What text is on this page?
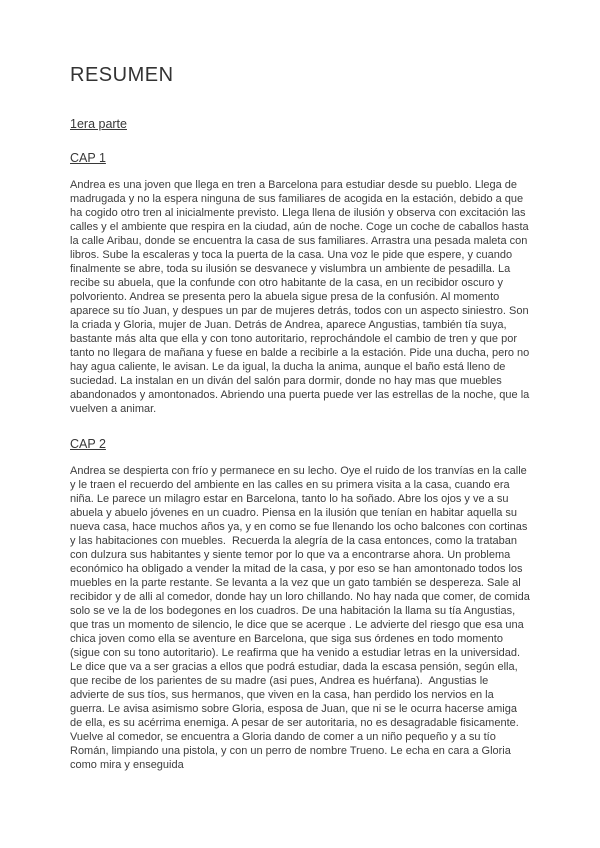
RESUMEN
1era parte
CAP 1

Andrea es una joven que llega en tren a Barcelona para estudiar desde su pueblo. Llega de madrugada y no la espera ninguna de sus familiares de acogida en la estación, debido a que ha cogido otro tren al inicialmente previsto. Llega llena de ilusión y observa con excitación las calles y el ambiente que respira en la ciudad, aún de noche. Coge un coche de caballos hasta la calle Aribau, donde se encuentra la casa de sus familiares. Arrastra una pesada maleta con libros. Sube la escaleras y toca la puerta de la casa. Una voz le pide que espere, y cuando finalmente se abre, toda su ilusión se desvanece y vislumbra un ambiente de pesadilla. La recibe su abuela, que la confunde con otro habitante de la casa, en un recibidor oscuro y polvoriento. Andrea se presenta pero la abuela sigue presa de la confusión. Al momento aparece su tío Juan, y despues un par de mujeres detrás, todos con un aspecto siniestro. Son la criada y Gloria, mujer de Juan. Detrás de Andrea, aparece Angustias, también tía suya, bastante más alta que ella y con tono autoritario, reprochándole el cambio de tren y que por tanto no llegara de mañana y fuese en balde a recibirle a la estación. Pide una ducha, pero no hay agua caliente, le avisan. Le da igual, la ducha la anima, aunque el baño está lleno de suciedad. La instalan en un diván del salón para dormir, donde no hay mas que muebles abandonados y amontonados. Abriendo una puerta puede ver las estrellas de la noche, que la vuelven a animar.

CAP 2

Andrea se despierta con frío y permanece en su lecho. Oye el ruido de los tranvías en la calle y le traen el recuerdo del ambiente en las calles en su primera visita a la casa, cuando era niña. Le parece un milagro estar en Barcelona, tanto lo ha soñado. Abre los ojos y ve a su abuela y abuelo jóvenes en un cuadro. Piensa en la ilusión que tenían en habitar aquella su nueva casa, hace muchos años ya, y en como se fue llenando los ocho balcones con cortinas y las habitaciones con muebles.  Recuerda la alegría de la casa entonces, como la trataban con dulzura sus habitantes y siente temor por lo que va a encontrarse ahora. Un problema económico ha obligado a vender la mitad de la casa, y por eso se han amontonado todos los muebles en la parte restante. Se levanta a la vez que un gato también se despereza. Sale al recibidor y de alli al comedor, donde hay un loro chillando. No hay nada que comer, de comida solo se ve la de los bodegones en los cuadros. De una habitación la llama su tía Angustias, que tras un momento de silencio, le dice que se acerque . Le advierte del riesgo que esa una chica joven como ella se aventure en Barcelona, que siga sus órdenes en todo momento (sigue con su tono autoritario). Le reafirma que ha venido a estudiar letras en la universidad. Le dice que va a ser gracias a ellos que podrá estudiar, dada la escasa pensión, según ella, que recibe de los parientes de su madre (asi pues, Andrea es huérfana).  Angustias le advierte de sus tíos, sus hermanos, que viven en la casa, han perdido los nervios en la guerra. Le avisa asimismo sobre Gloria, esposa de Juan, que ni se le ocurra hacerse amiga de ella, es su acérrima enemiga. A pesar de ser autoritaria, no es desagradable fisicamente. Vuelve al comedor, se encuentra a Gloria dando de comer a un niño pequeño y a su tío Román, limpiando una pistola, y con un perro de nombre Trueno. Le echa en cara a Gloria como mira y enseguida
